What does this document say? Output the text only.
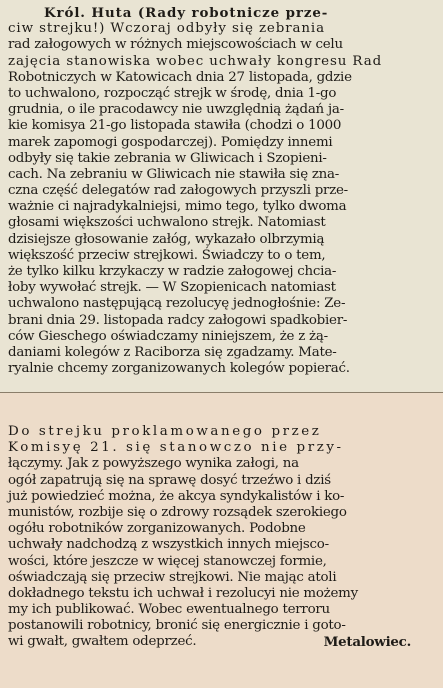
Król. Huta (Rady robotnicze prze-
ciw strejku!) Wczoraj odbyły się zebrania
rad załogowych w różnych miejscowościach w celu
zajęcia stanowiska wobec uchwały kongresu Rad
Robotniczych w Katowicach dnia 27 listopada, gdzie
to uchwalono, rozpocząć strejk w środę, dnia 1-go
grudnia, o ile pracodawcy nie uwzględnią żądań ja-
kie komisya 21-go listopada stawiła (chodzi o 1000
marek zapomogi gospodarczej). Pomiędzy innemi
odbyły się takie zebrania w Gliwicach i Szopieni-
cach. Na zebraniu w Gliwicach nie stawiła się zna-
czna część delegatów rad załogowych przyszli prze-
ważnie ci najradykalniejsi, mimo tego, tylko dwoma
głosami większości uchwalono strejk. Natomiast
dzisiejsze głosowanie załóg, wykazało olbrzymią
większość przeciw strejkowi. Świadczy to o tem,
że tylko kilku krzykaczy w radzie załogowej chcia-
łoby wywołać strejk. — W Szopienicach natomiast
uchwalono następującą rezolucyę jednogłośnie: Ze-
brani dnia 29. listopada radcy załogowi spadkobier-
ców Gieschego oświadczamy niniejszem, że z żą-
daniami kolegów z Raciborza się zgadzamy. Mate-
ryalnie chcemy zorganizowanych kolegów popierać.
Do strejku proklamowanego przez
Komisyę 21. się stanowczo nie przy-
łączymy. Jak z powyższego wynika załogi, na
ogół zapatrują się na sprawę dosyć trzeźwo i dziś
już powiedzieć można, że akcya syndykalistów i ko-
munistów, rozbije się o zdrowy rozsądek szerokiego
ogółu robotników zorganizowanych. Podobne
uchwały nadchodzą z wszystkich innych miejsco-
wości, które jeszcze w więcej stanowczej formie,
oświadczają się przeciw strejkowi. Nie mając atoli
dokładnego tekstu ich uchwał i rezolucyi nie możemy
my ich publikować. Wobec ewentualnego terroru
postanowili robotnicy, bronić się energicznie i goto-
wi gwałt, gwałtem odeprzeć.	Metalowiec.
